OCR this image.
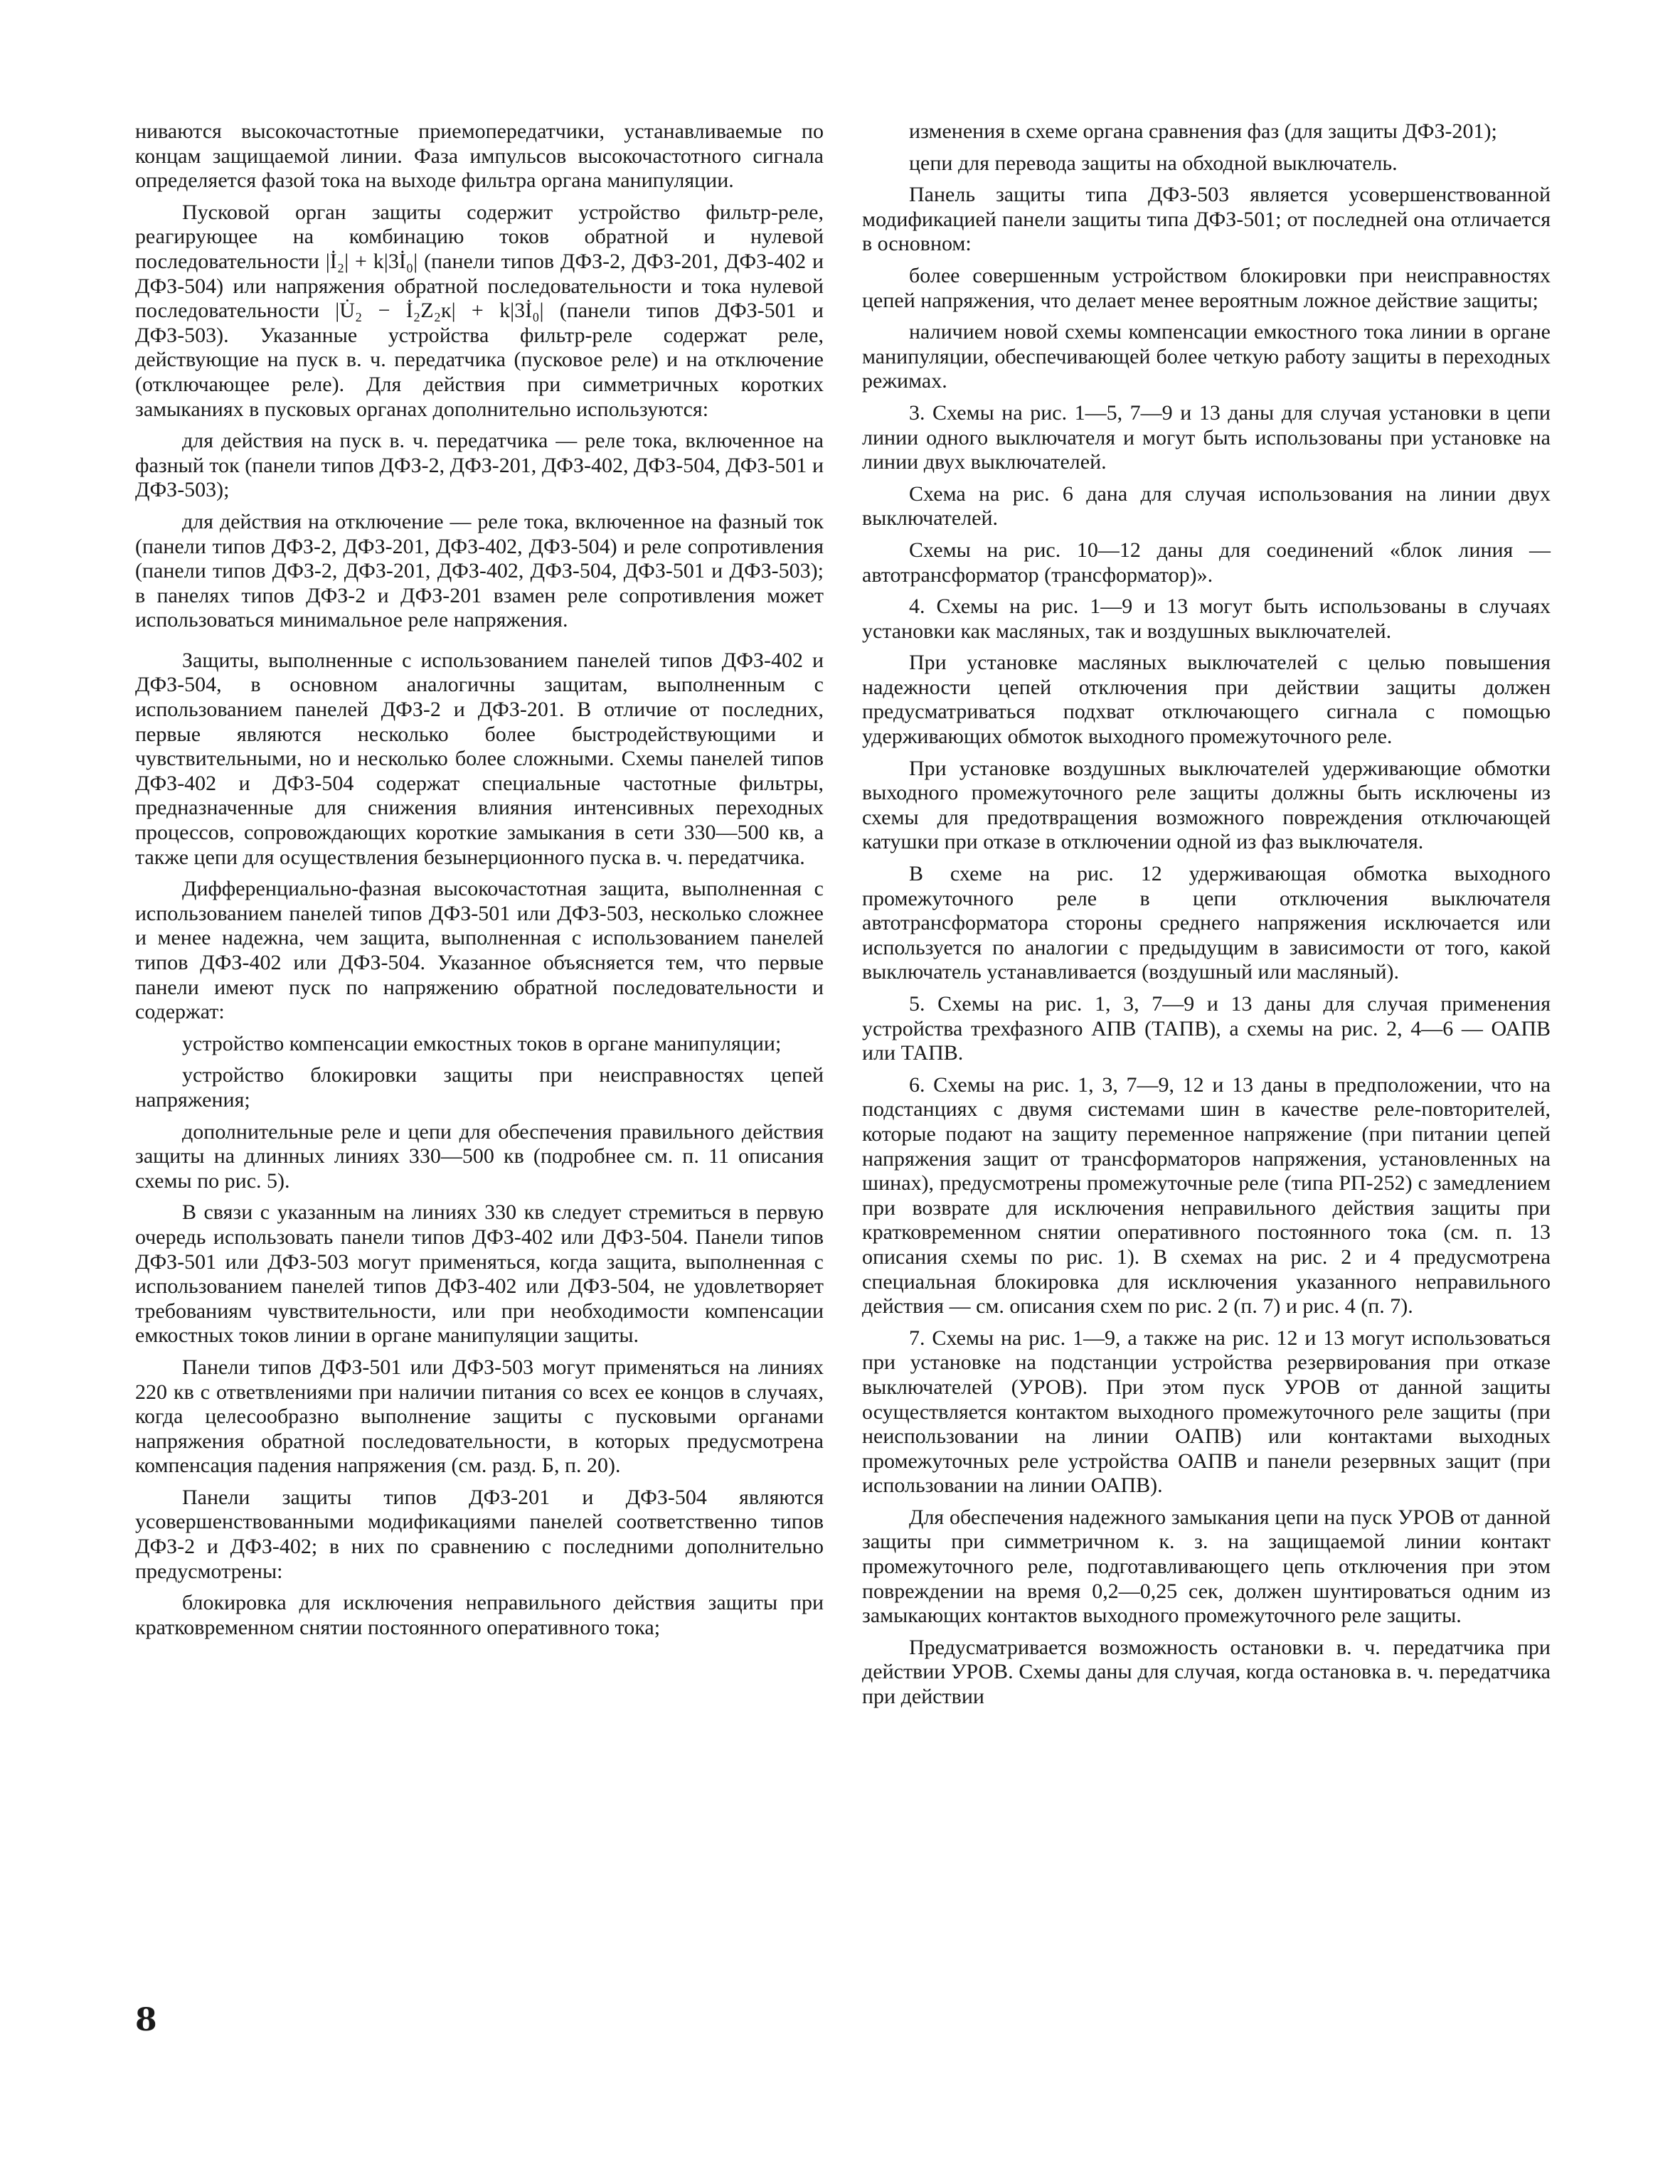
ниваются высокочастотные приемопередатчики, устанавливаемые по концам защищаемой линии. Фаза импульсов высокочастотного сигнала определяется фазой тока на выходе фильтра органа манипуляции.

Пусковой орган защиты содержит устройство фильтр-реле, реагирующее на комбинацию токов обратной и нулевой последовательности |İ₂| + k|3İ₀| (панели типов ДФЗ-2, ДФЗ-201, ДФЗ-402 и ДФЗ-504) или напряжения обратной последовательности и тока нулевой последовательности |U̇₂ − İ₂Z₂к| + k|3İ₀| (панели типов ДФЗ-501 и ДФЗ-503). Указанные устройства фильтр-реле содержат реле, действующие на пуск в. ч. передатчика (пусковое реле) и на отключение (отключающее реле). Для действия при симметричных коротких замыканиях в пусковых органах дополнительно используются:

для действия на пуск в. ч. передатчика — реле тока, включенное на фазный ток (панели типов ДФЗ-2, ДФЗ-201, ДФЗ-402, ДФЗ-504, ДФЗ-501 и ДФЗ-503);

для действия на отключение — реле тока, включенное на фазный ток (панели типов ДФЗ-2, ДФЗ-201, ДФЗ-402, ДФЗ-504) и реле сопротивления (панели типов ДФЗ-2, ДФЗ-201, ДФЗ-402, ДФЗ-504, ДФЗ-501 и ДФЗ-503); в панелях типов ДФЗ-2 и ДФЗ-201 взамен реле сопротивления может использоваться минимальное реле напряжения.

Защиты, выполненные с использованием панелей типов ДФЗ-402 и ДФЗ-504, в основном аналогичны защитам, выполненным с использованием панелей ДФЗ-2 и ДФЗ-201. В отличие от последних, первые являются несколько более быстродействующими и чувствительными, но и несколько более сложными. Схемы панелей типов ДФЗ-402 и ДФЗ-504 содержат специальные частотные фильтры, предназначенные для снижения влияния интенсивных переходных процессов, сопровождающих короткие замыкания в сети 330—500 кв, а также цепи для осуществления безынерционного пуска в. ч. передатчика.

Дифференциально-фазная высокочастотная защита, выполненная с использованием панелей типов ДФЗ-501 или ДФЗ-503, несколько сложнее и менее надежна, чем защита, выполненная с использованием панелей типов ДФЗ-402 или ДФЗ-504. Указанное объясняется тем, что первые панели имеют пуск по напряжению обратной последовательности и содержат:

устройство компенсации емкостных токов в органе манипуляции;

устройство блокировки защиты при неисправностях цепей напряжения;

дополнительные реле и цепи для обеспечения правильного действия защиты на длинных линиях 330—500 кв (подробнее см. п. 11 описания схемы по рис. 5).

В связи с указанным на линиях 330 кв следует стремиться в первую очередь использовать панели типов ДФЗ-402 или ДФЗ-504. Панели типов ДФЗ-501 или ДФЗ-503 могут применяться, когда защита, выполненная с использованием панелей типов ДФЗ-402 или ДФЗ-504, не удовлетворяет требованиям чувствительности, или при необходимости компенсации емкостных токов линии в органе манипуляции защиты.

Панели типов ДФЗ-501 или ДФЗ-503 могут применяться на линиях 220 кв с ответвлениями при наличии питания со всех ее концов в случаях, когда целесообразно выполнение защиты с пусковыми органами напряжения обратной последовательности, в которых предусмотрена компенсация падения напряжения (см. разд. Б, п. 20).

Панели защиты типов ДФЗ-201 и ДФЗ-504 являются усовершенствованными модификациями панелей соответственно типов ДФЗ-2 и ДФЗ-402; в них по сравнению с последними дополнительно предусмотрены:

блокировка для исключения неправильного действия защиты при кратковременном снятии постоянного оперативного тока;

изменения в схеме органа сравнения фаз (для защиты ДФЗ-201);

цепи для перевода защиты на обходной выключатель.

Панель защиты типа ДФЗ-503 является усовершенствованной модификацией панели защиты типа ДФЗ-501; от последней она отличается в основном:

более совершенным устройством блокировки при неисправностях цепей напряжения, что делает менее вероятным ложное действие защиты;

наличием новой схемы компенсации емкостного тока линии в органе манипуляции, обеспечивающей более четкую работу защиты в переходных режимах.

3. Схемы на рис. 1—5, 7—9 и 13 даны для случая установки в цепи линии одного выключателя и могут быть использованы при установке на линии двух выключателей.

Схема на рис. 6 дана для случая использования на линии двух выключателей.

Схемы на рис. 10—12 даны для соединений «блок линия — автотрансформатор (трансформатор)».

4. Схемы на рис. 1—9 и 13 могут быть использованы в случаях установки как масляных, так и воздушных выключателей.

При установке масляных выключателей с целью повышения надежности цепей отключения при действии защиты должен предусматриваться подхват отключающего сигнала с помощью удерживающих обмоток выходного промежуточного реле.

При установке воздушных выключателей удерживающие обмотки выходного промежуточного реле защиты должны быть исключены из схемы для предотвращения возможного повреждения отключающей катушки при отказе в отключении одной из фаз выключателя.

В схеме на рис. 12 удерживающая обмотка выходного промежуточного реле в цепи отключения выключателя автотрансформатора стороны среднего напряжения исключается или используется по аналогии с предыдущим в зависимости от того, какой выключатель устанавливается (воздушный или масляный).

5. Схемы на рис. 1, 3, 7—9 и 13 даны для случая применения устройства трехфазного АПВ (ТАПВ), а схемы на рис. 2, 4—6 — ОАПВ или ТАПВ.

6. Схемы на рис. 1, 3, 7—9, 12 и 13 даны в предположении, что на подстанциях с двумя системами шин в качестве реле-повторителей, которые подают на защиту переменное напряжение (при питании цепей напряжения защит от трансформаторов напряжения, установленных на шинах), предусмотрены промежуточные реле (типа РП-252) с замедлением при возврате для исключения неправильного действия защиты при кратковременном снятии оперативного постоянного тока (см. п. 13 описания схемы по рис. 1). В схемах на рис. 2 и 4 предусмотрена специальная блокировка для исключения указанного неправильного действия — см. описания схем по рис. 2 (п. 7) и рис. 4 (п. 7).

7. Схемы на рис. 1—9, а также на рис. 12 и 13 могут использоваться при установке на подстанции устройства резервирования при отказе выключателей (УРОВ). При этом пуск УРОВ от данной защиты осуществляется контактом выходного промежуточного реле защиты (при неиспользовании на линии ОАПВ) или контактами выходных промежуточных реле устройства ОАПВ и панели резервных защит (при использовании на линии ОАПВ).

Для обеспечения надежного замыкания цепи на пуск УРОВ от данной защиты при симметричном к. з. на защищаемой линии контакт промежуточного реле, подготавливающего цепь отключения при этом повреждении на время 0,2—0,25 сек, должен шунтироваться одним из замыкающих контактов выходного промежуточного реле защиты.

Предусматривается возможность остановки в. ч. передатчика при действии УРОВ. Схемы даны для случая, когда остановка в. ч. передатчика при действии

8
